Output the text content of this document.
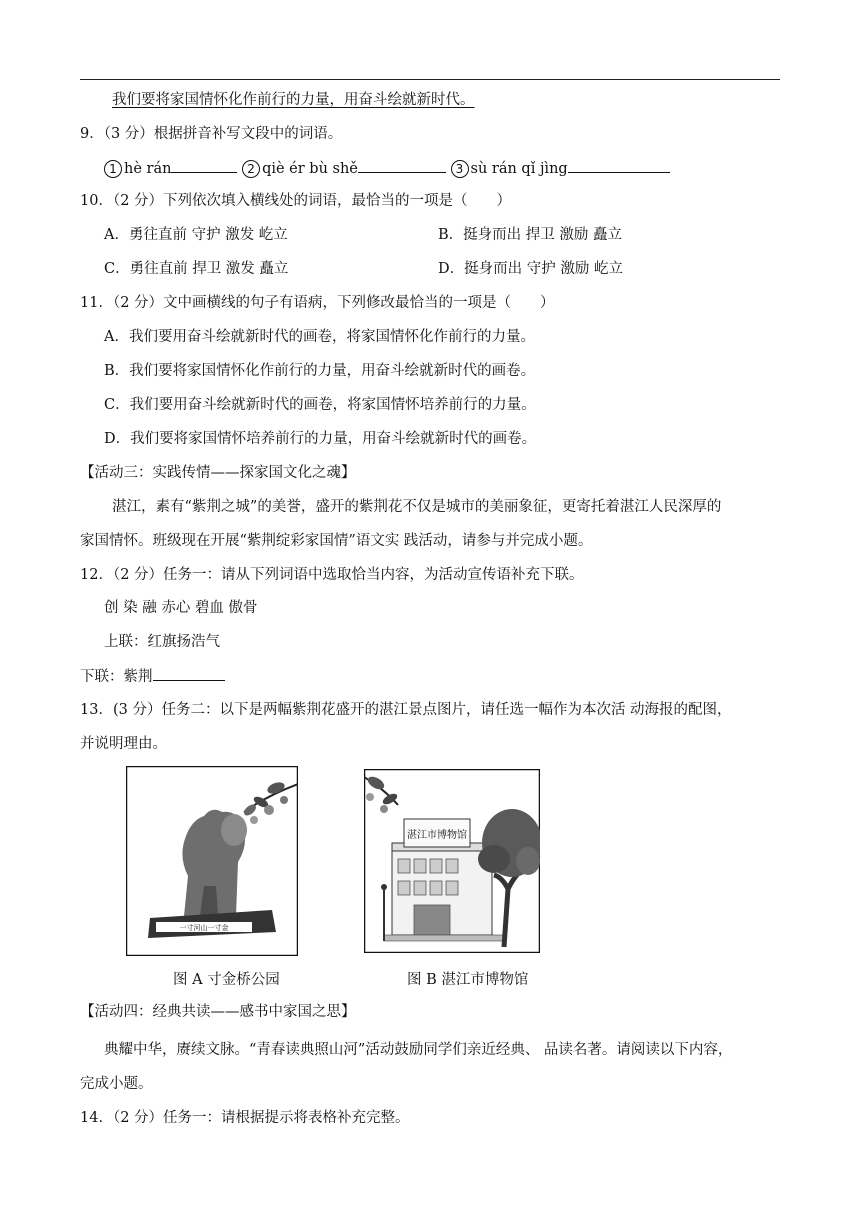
我们要将家国情怀化作前行的力量，用奋斗绘就新时代。
9．（3 分）根据拼音补写文段中的词语。
1 hè rán	2 qiè ér bù shě	3 sù rán qǐ jìng
10．（2 分）下列依次填入横线处的词语，最恰当的一项是（　　）
A．勇往直前 守护 激发 屹立	B．挺身而出 捍卫 激励 矗立
C．勇往直前 捍卫 激发 矗立	D．挺身而出 守护 激励 屹立
11．（2 分）文中画横线的句子有语病，下列修改最恰当的一项是（　　）
A．我们要用奋斗绘就新时代的画卷，将家国情怀化作前行的力量。
B．我们要将家国情怀化作前行的力量，用奋斗绘就新时代的画卷。
C．我们要用奋斗绘就新时代的画卷，将家国情怀培养前行的力量。
D．我们要将家国情怀培养前行的力量，用奋斗绘就新时代的画卷。
【活动三：实践传情——探家国文化之魂】
湛江，素有“紫荆之城”的美誉，盛开的紫荆花不仅是城市的美丽象征，更寄托着湛江人民深厚的
家国情怀。班级现在开展“紫荆绽彩家国情”语文实 践活动，请参与并完成小题。
12．（2 分）任务一：请从下列词语中选取恰当内容，为活动宣传语补充下联。
创 染 融 赤心 碧血 傲骨
上联：红旗扬浩气
下联：紫荆
13．(3 分）任务二：以下是两幅紫荆花盛开的湛江景点图片，请任选一幅作为本次活 动海报的配图，
并说明理由。
一寸河山一寸金
图 A 寸金桥公园
湛江市博物馆
图 B 湛江市博物馆
【活动四：经典共读——感书中家国之思】
典耀中华，赓续文脉。“青春读典照山河”活动鼓励同学们亲近经典、 品读名著。请阅读以下内容，
完成小题。
14．（2 分）任务一：请根据提示将表格补充完整。
